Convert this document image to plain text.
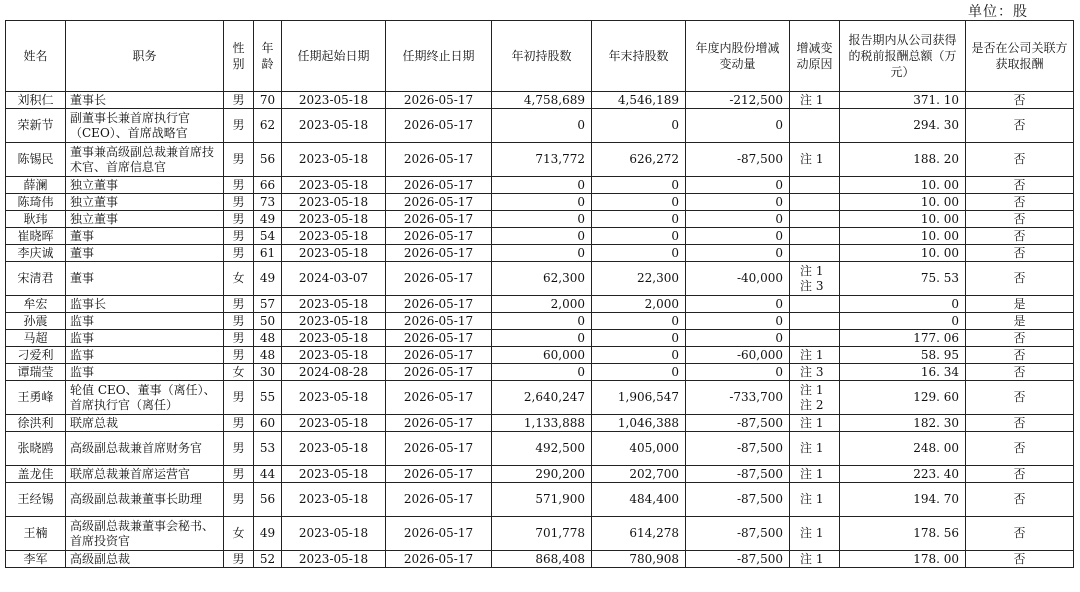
单位：股
姓名	职务	性别	年龄	任期起始日期	任期终止日期	年初持股数	年末持股数	年度内股份增减变动量	增减变动原因	报告期内从公司获得的税前报酬总额（万元）	是否在公司关联方获取报酬
刘积仁	董事长	男	70	2023-05-18	2026-05-17	4,758,689	4,546,189	-212,500	注 1	371. 10	否
荣新节	副董事长兼首席执行官（CEO）、首席战略官	男	62	2023-05-18	2026-05-17	0	0	0		294. 30	否
陈锡民	董事兼高级副总裁兼首席技术官、首席信息官	男	56	2023-05-18	2026-05-17	713,772	626,272	-87,500	注 1	188. 20	否
薛澜	独立董事	男	66	2023-05-18	2026-05-17	0	0	0		10. 00	否
陈琦伟	独立董事	男	73	2023-05-18	2026-05-17	0	0	0		10. 00	否
耿玮	独立董事	男	49	2023-05-18	2026-05-17	0	0	0		10. 00	否
崔晓晖	董事	男	54	2023-05-18	2026-05-17	0	0	0		10. 00	否
李庆诚	董事	男	61	2023-05-18	2026-05-17	0	0	0		10. 00	否
宋清君	董事	女	49	2024-03-07	2026-05-17	62,300	22,300	-40,000	注 1 注 3	75. 53	否
牟宏	监事长	男	57	2023-05-18	2026-05-17	2,000	2,000	0		0	是
孙震	监事	男	50	2023-05-18	2026-05-17	0	0	0		0	是
马超	监事	男	48	2023-05-18	2026-05-17	0	0	0		177. 06	否
刁爱利	监事	男	48	2023-05-18	2026-05-17	60,000	0	-60,000	注 1	58. 95	否
谭瑞莹	监事	女	30	2024-08-28	2026-05-17	0	0	0	注 3	16. 34	否
王勇峰	轮值 CEO、董事（离任）、首席执行官（离任）	男	55	2023-05-18	2026-05-17	2,640,247	1,906,547	-733,700	注 1 注 2	129. 60	否
徐洪利	联席总裁	男	60	2023-05-18	2026-05-17	1,133,888	1,046,388	-87,500	注 1	182. 30	否
张晓鸥	高级副总裁兼首席财务官	男	53	2023-05-18	2026-05-17	492,500	405,000	-87,500	注 1	248. 00	否
盖龙佳	联席总裁兼首席运营官	男	44	2023-05-18	2026-05-17	290,200	202,700	-87,500	注 1	223. 40	否
王经锡	高级副总裁兼董事长助理	男	56	2023-05-18	2026-05-17	571,900	484,400	-87,500	注 1	194. 70	否
王楠	高级副总裁兼董事会秘书、首席投资官	女	49	2023-05-18	2026-05-17	701,778	614,278	-87,500	注 1	178. 56	否
李军	高级副总裁	男	52	2023-05-18	2026-05-17	868,408	780,908	-87,500	注 1	178. 00	否
